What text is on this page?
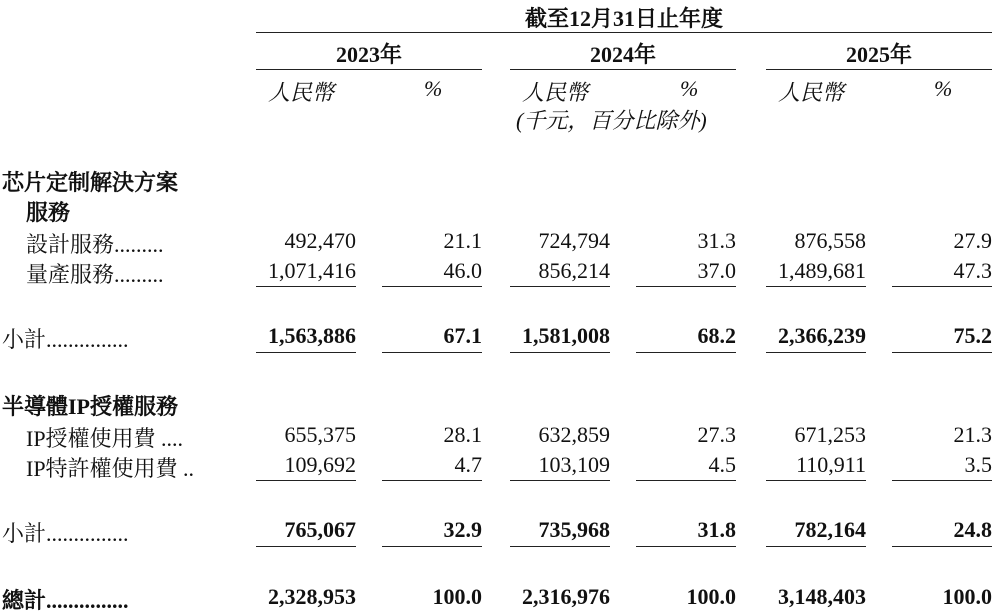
截至12月31日止年度
2023年	2024年	2025年
人民幣	%	人民幣	%	人民幣	%
(千元，百分比除外)
芯片定制解決方案
服務
設計服務.........	492,470	21.1	724,794	31.3	876,558	27.9
量產服務.........	1,071,416	46.0	856,214	37.0	1,489,681	47.3
小計...............	1,563,886	67.1	1,581,008	68.2	2,366,239	75.2
半導體IP授權服務
IP授權使用費 ....	655,375	28.1	632,859	27.3	671,253	21.3
IP特許權使用費 ..	109,692	4.7	103,109	4.5	110,911	3.5
小計...............	765,067	32.9	735,968	31.8	782,164	24.8
總計...............	2,328,953	100.0	2,316,976	100.0	3,148,403	100.0
